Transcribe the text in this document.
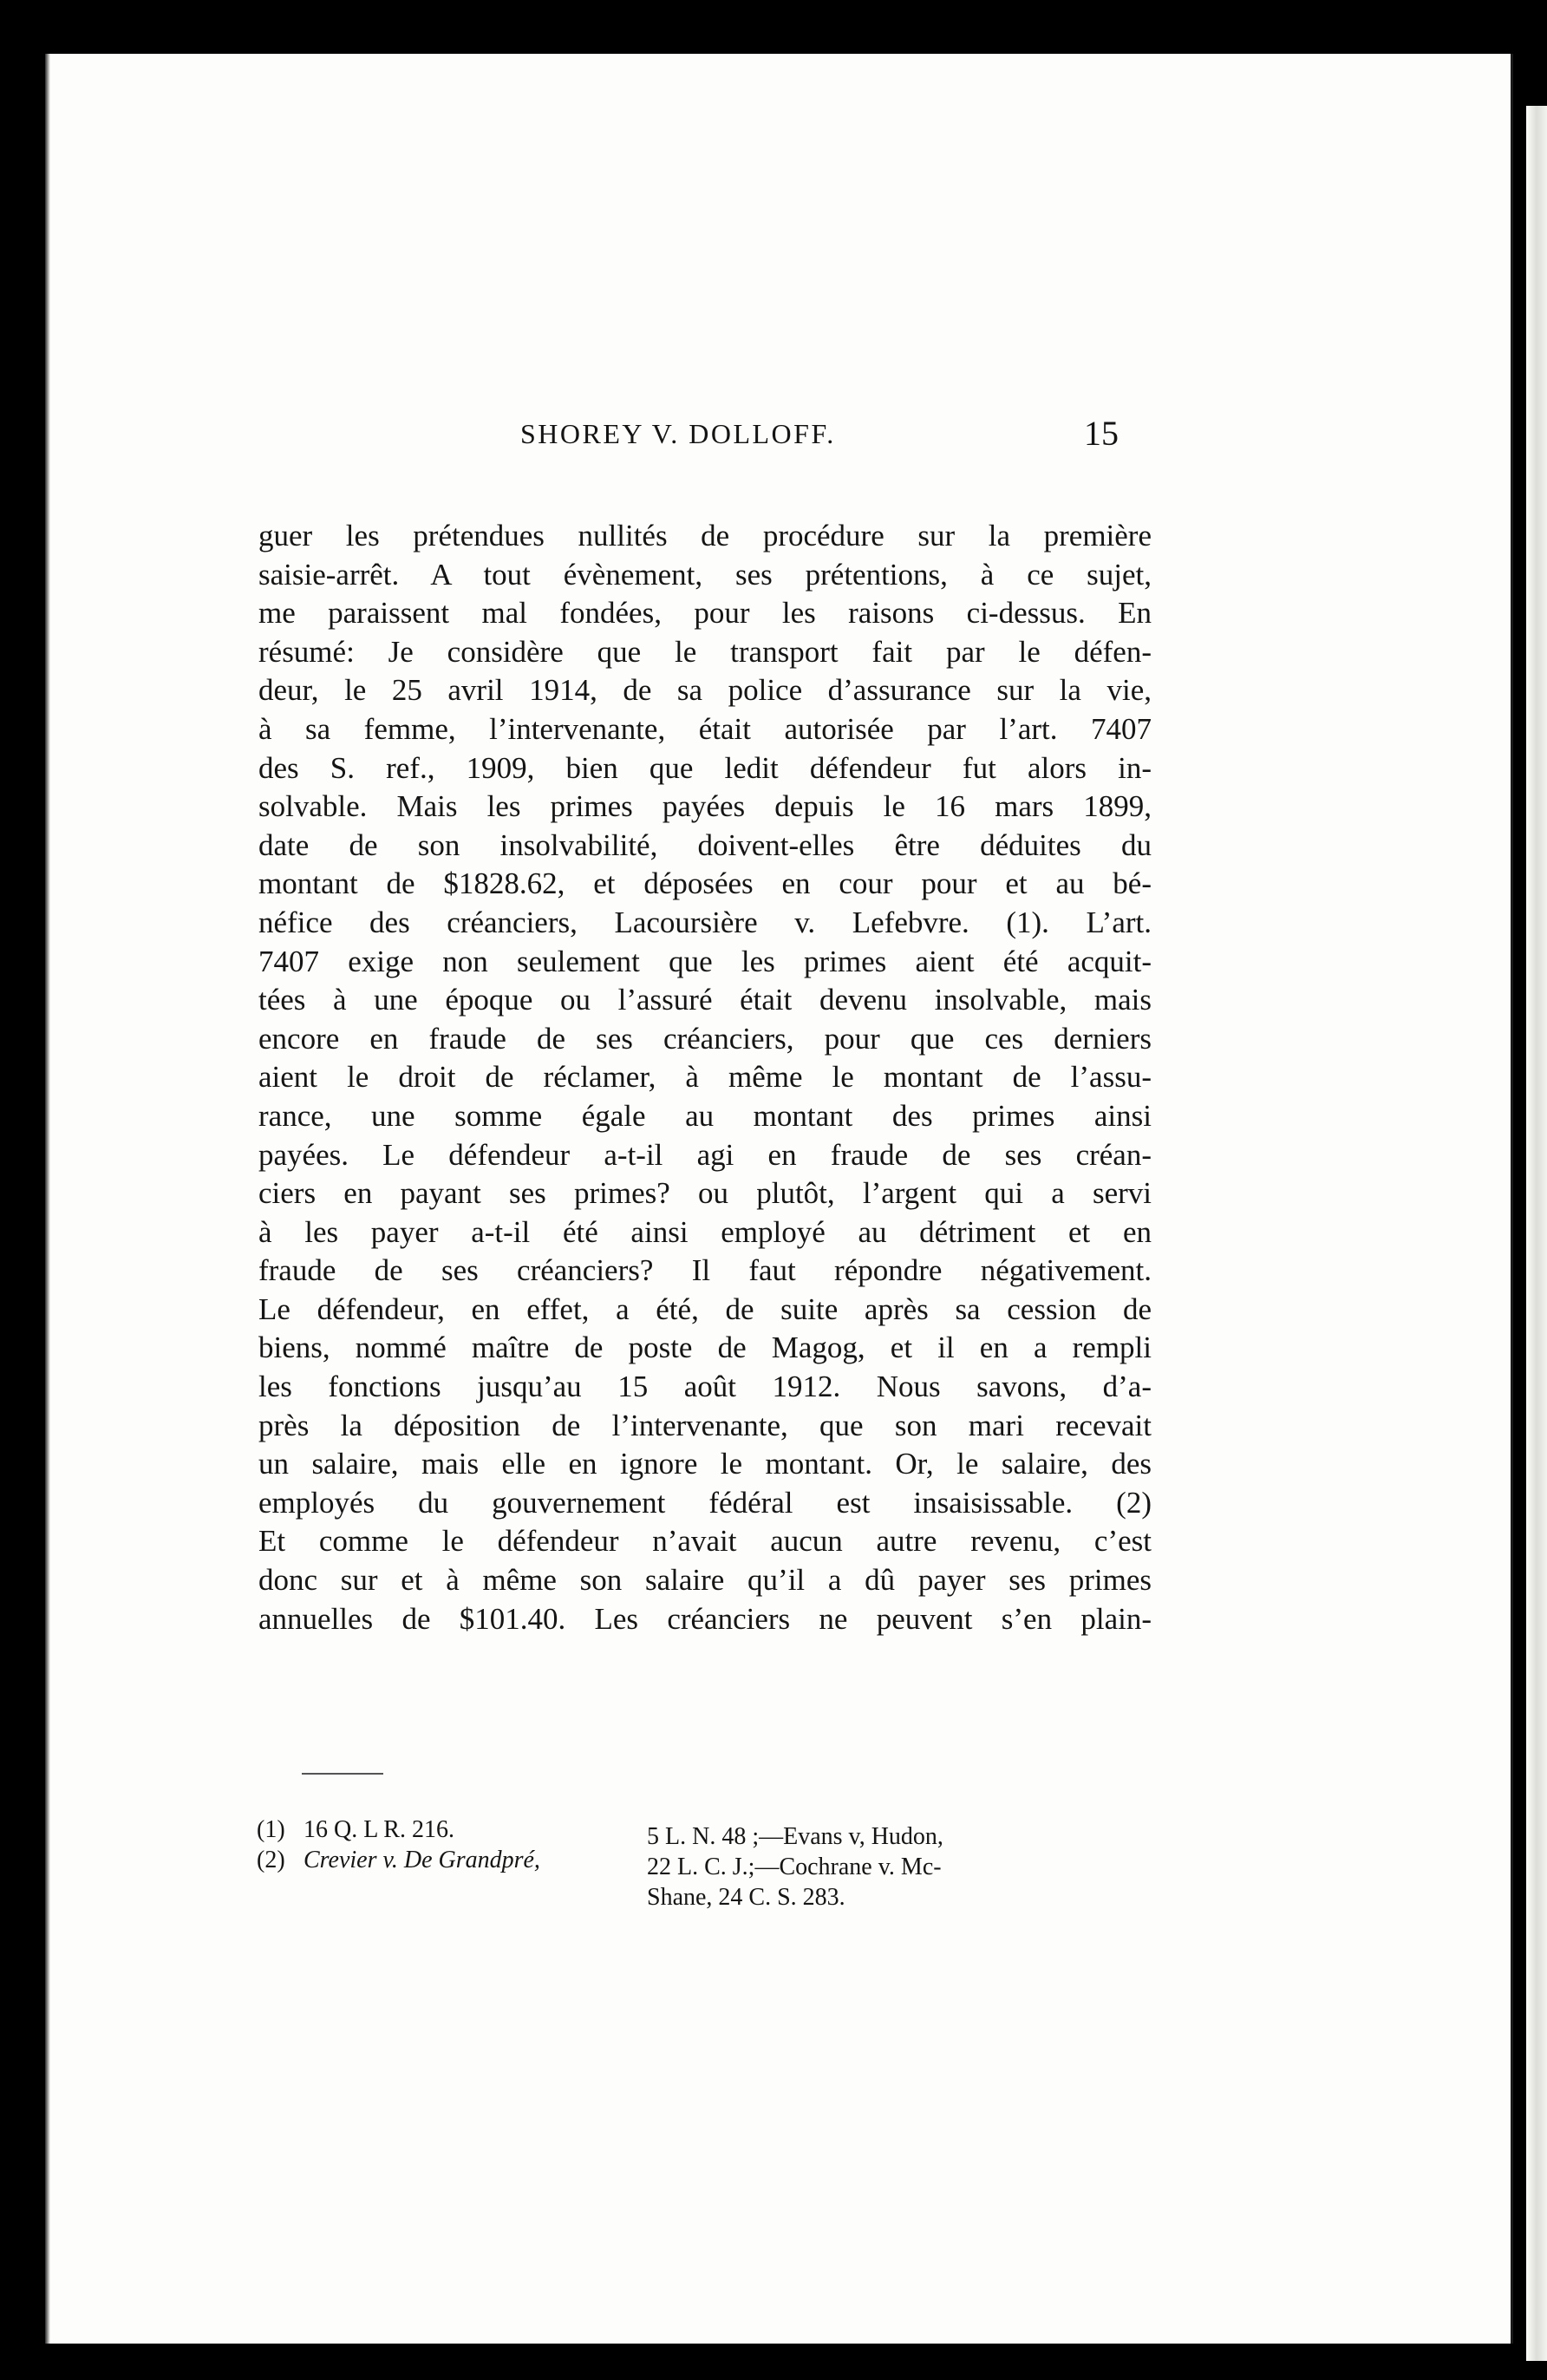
SHOREY V. DOLLOFF.	15
guer les prétendues nullités de procédure sur la première
saisie-arrêt. A tout évènement, ses prétentions, à ce sujet,
me paraissent mal fondées, pour les raisons ci-dessus. En
résumé: Je considère que le transport fait par le défen-
deur, le 25 avril 1914, de sa police d’assurance sur la vie,
à sa femme, l’intervenante, était autorisée par l’art. 7407
des S. ref., 1909, bien que ledit défendeur fut alors in-
solvable. Mais les primes payées depuis le 16 mars 1899,
date de son insolvabilité, doivent-elles être déduites du
montant de $1828.62, et déposées en cour pour et au bé-
néfice des créanciers, Lacoursière v. Lefebvre. (1). L’art.
7407 exige non seulement que les primes aient été acquit-
tées à une époque ou l’assuré était devenu insolvable, mais
encore en fraude de ses créanciers, pour que ces derniers
aient le droit de réclamer, à même le montant de l’assu-
rance, une somme égale au montant des primes ainsi
payées. Le défendeur a-t-il agi en fraude de ses créan-
ciers en payant ses primes? ou plutôt, l’argent qui a servi
à les payer a-t-il été ainsi employé au détriment et en
fraude de ses créanciers? Il faut répondre négativement.
Le défendeur, en effet, a été, de suite après sa cession de
biens, nommé maître de poste de Magog, et il en a rempli
les fonctions jusqu’au 15 août 1912. Nous savons, d’a-
près la déposition de l’intervenante, que son mari recevait
un salaire, mais elle en ignore le montant. Or, le salaire, des
employés du gouvernement fédéral est insaisissable. (2)
Et comme le défendeur n’avait aucun autre revenu, c’est
donc sur et à même son salaire qu’il a dû payer ses primes
annuelles de $101.40. Les créanciers ne peuvent s’en plain-
(1) 16 Q. L R. 216.
(2) Crevier v. De Grandpré,
5 L. N. 48 ;—Evans v, Hudon,
22 L. C. J.;—Cochrane v. Mc-
Shane, 24 C. S. 283.
